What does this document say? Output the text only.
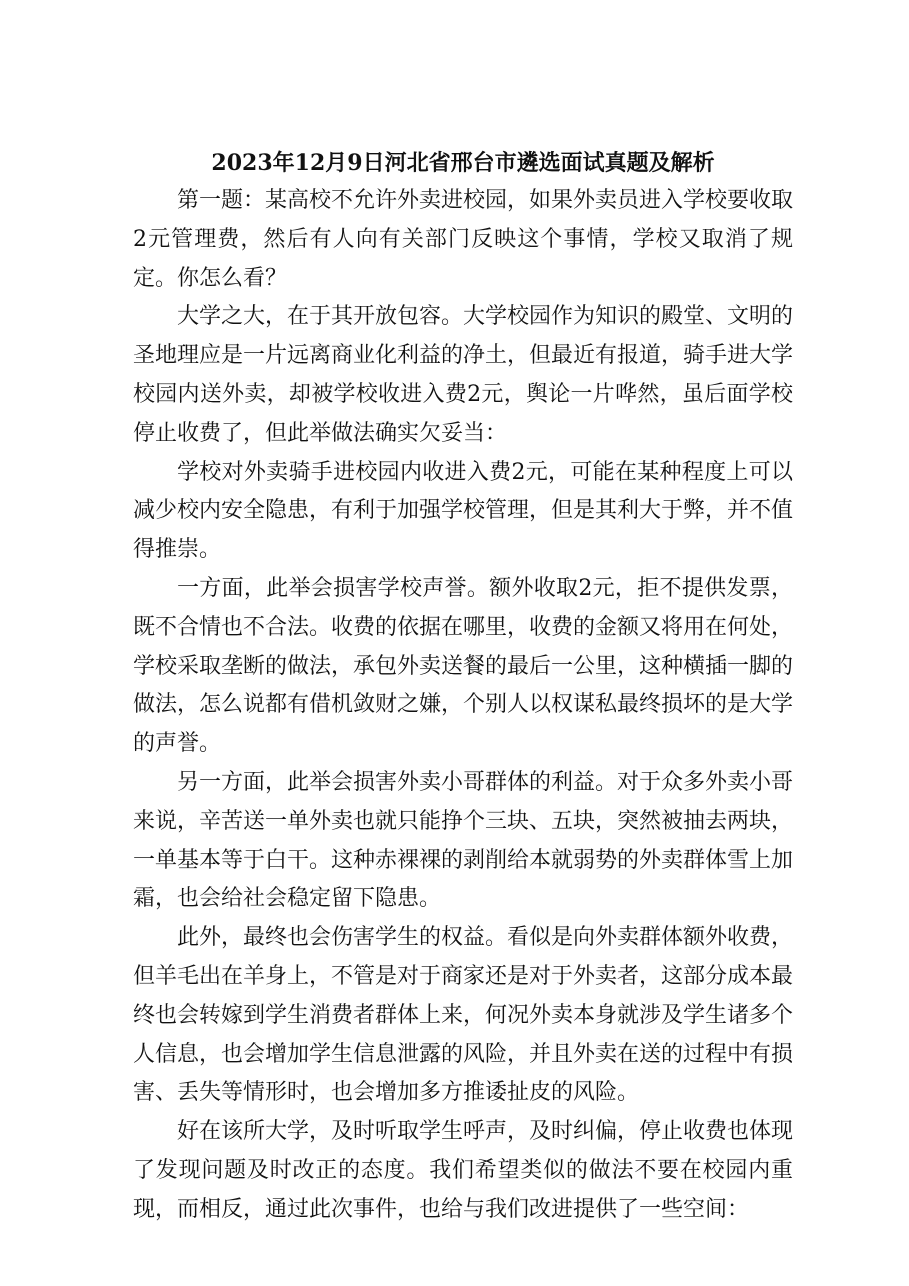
2023年12月9日河北省邢台市遴选面试真题及解析

第一题：某高校不允许外卖进校园，如果外卖员进入学校要收取2元管理费，然后有人向有关部门反映这个事情，学校又取消了规定。你怎么看？

大学之大，在于其开放包容。大学校园作为知识的殿堂、文明的圣地理应是一片远离商业化利益的净土，但最近有报道，骑手进大学校园内送外卖，却被学校收进入费2元，舆论一片哗然，虽后面学校停止收费了，但此举做法确实欠妥当：

学校对外卖骑手进校园内收进入费2元，可能在某种程度上可以减少校内安全隐患，有利于加强学校管理，但是其利大于弊，并不值得推崇。

一方面，此举会损害学校声誉。额外收取2元，拒不提供发票，既不合情也不合法。收费的依据在哪里，收费的金额又将用在何处，学校采取垄断的做法，承包外卖送餐的最后一公里，这种横插一脚的做法，怎么说都有借机敛财之嫌，个别人以权谋私最终损坏的是大学的声誉。

另一方面，此举会损害外卖小哥群体的利益。对于众多外卖小哥来说，辛苦送一单外卖也就只能挣个三块、五块，突然被抽去两块，一单基本等于白干。这种赤裸裸的剥削给本就弱势的外卖群体雪上加霜，也会给社会稳定留下隐患。

此外，最终也会伤害学生的权益。看似是向外卖群体额外收费，但羊毛出在羊身上，不管是对于商家还是对于外卖者，这部分成本最终也会转嫁到学生消费者群体上来，何况外卖本身就涉及学生诸多个人信息，也会增加学生信息泄露的风险，并且外卖在送的过程中有损害、丢失等情形时，也会增加多方推诿扯皮的风险。

好在该所大学，及时听取学生呼声，及时纠偏，停止收费也体现了发现问题及时改正的态度。我们希望类似的做法不要在校园内重现，而相反，通过此次事件，也给与我们改进提供了一些空间：
